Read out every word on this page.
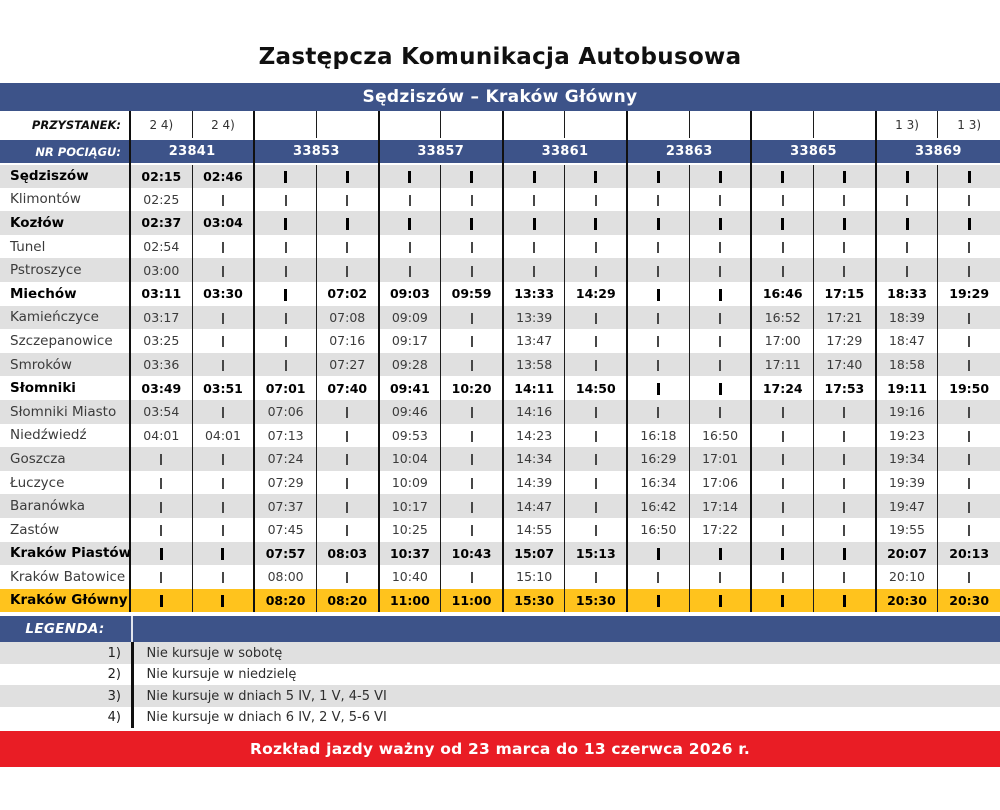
Zastępcza Komunikacja Autobusowa
Sędziszów – Kraków Główny
PRZYSTANEK:	2 4)	2 4)											1 3)	1 3)
NR POCIĄGU:	23841		33853		33857		33861		23863		33865		33869	
Sędziszów	02:15	02:46												
Klimontów	02:25													
Kozłów	02:37	03:04												
Tunel	02:54													
Pstroszyce	03:00													
Miechów	03:11	03:30		07:02	09:03	09:59	13:33	14:29			16:46	17:15	18:33	19:29
Kamieńczyce	03:17			07:08	09:09		13:39				16:52	17:21	18:39	
Szczepanowice	03:25			07:16	09:17		13:47				17:00	17:29	18:47	
Smroków	03:36			07:27	09:28		13:58				17:11	17:40	18:58	
Słomniki	03:49	03:51	07:01	07:40	09:41	10:20	14:11	14:50			17:24	17:53	19:11	19:50
Słomniki Miasto	03:54		07:06		09:46		14:16						19:16	
Niedźwiedź	04:01	04:01	07:13		09:53		14:23		16:18	16:50			19:23	
Goszcza			07:24		10:04		14:34		16:29	17:01			19:34	
Łuczyce			07:29		10:09		14:39		16:34	17:06			19:39	
Baranówka			07:37		10:17		14:47		16:42	17:14			19:47	
Zastów			07:45		10:25		14:55		16:50	17:22			19:55	
Kraków Piastów			07:57	08:03	10:37	10:43	15:07	15:13					20:07	20:13
Kraków Batowice			08:00		10:40		15:10						20:10	
Kraków Główny			08:20	08:20	11:00	11:00	15:30	15:30					20:30	20:30
LEGENDA:
1)	Nie kursuje w sobotę
2)	Nie kursuje w niedzielę
3)	Nie kursuje w dniach 5 IV, 1 V, 4-5 VI
4)	Nie kursuje w dniach 6 IV, 2 V, 5-6 VI
Rozkład jazdy ważny od 23 marca do 13 czerwca 2026 r.
